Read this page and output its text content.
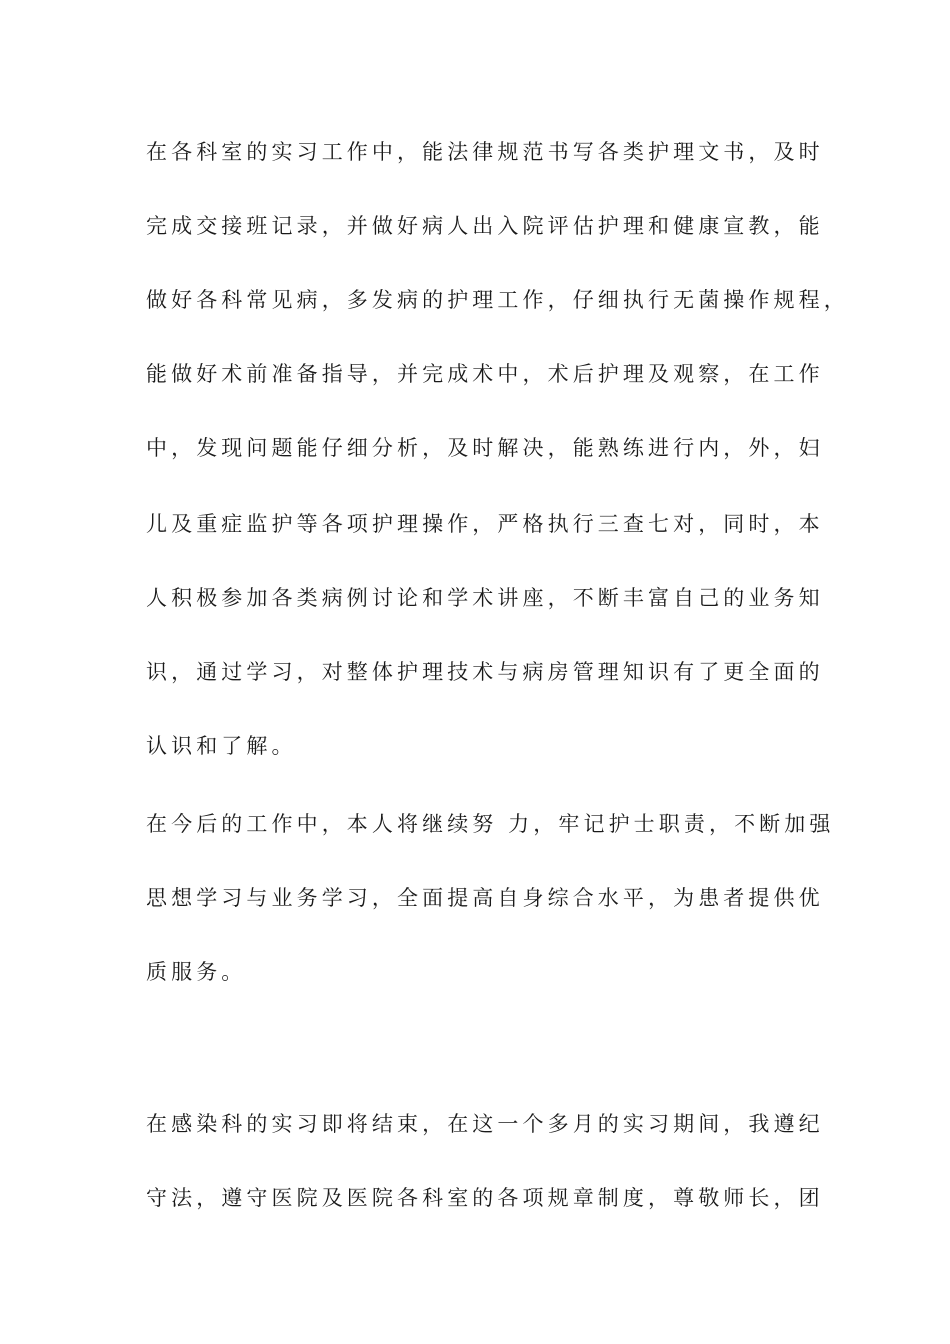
在各科室的实习工作中，能法律规范书写各类护理文书，及时
完成交接班记录，并做好病人出入院评估护理和健康宣教，能
做好各科常见病，多发病的护理工作，仔细执行无菌操作规程，
能做好术前准备指导，并完成术中，术后护理及观察，在工作
中，发现问题能仔细分析，及时解决，能熟练进行内，外，妇
儿及重症监护等各项护理操作，严格执行三查七对，同时，本
人积极参加各类病例讨论和学术讲座，不断丰富自己的业务知
识，通过学习，对整体护理技术与病房管理知识有了更全面的
认识和了解。
在今后的工作中，本人将继续努 力，牢记护士职责，不断加强
思想学习与业务学习，全面提高自身综合水平，为患者提供优
质服务。
在感染科的实习即将结束，在这一个多月的实习期间，我遵纪
守法，遵守医院及医院各科室的各项规章制度，尊敬师长，团
